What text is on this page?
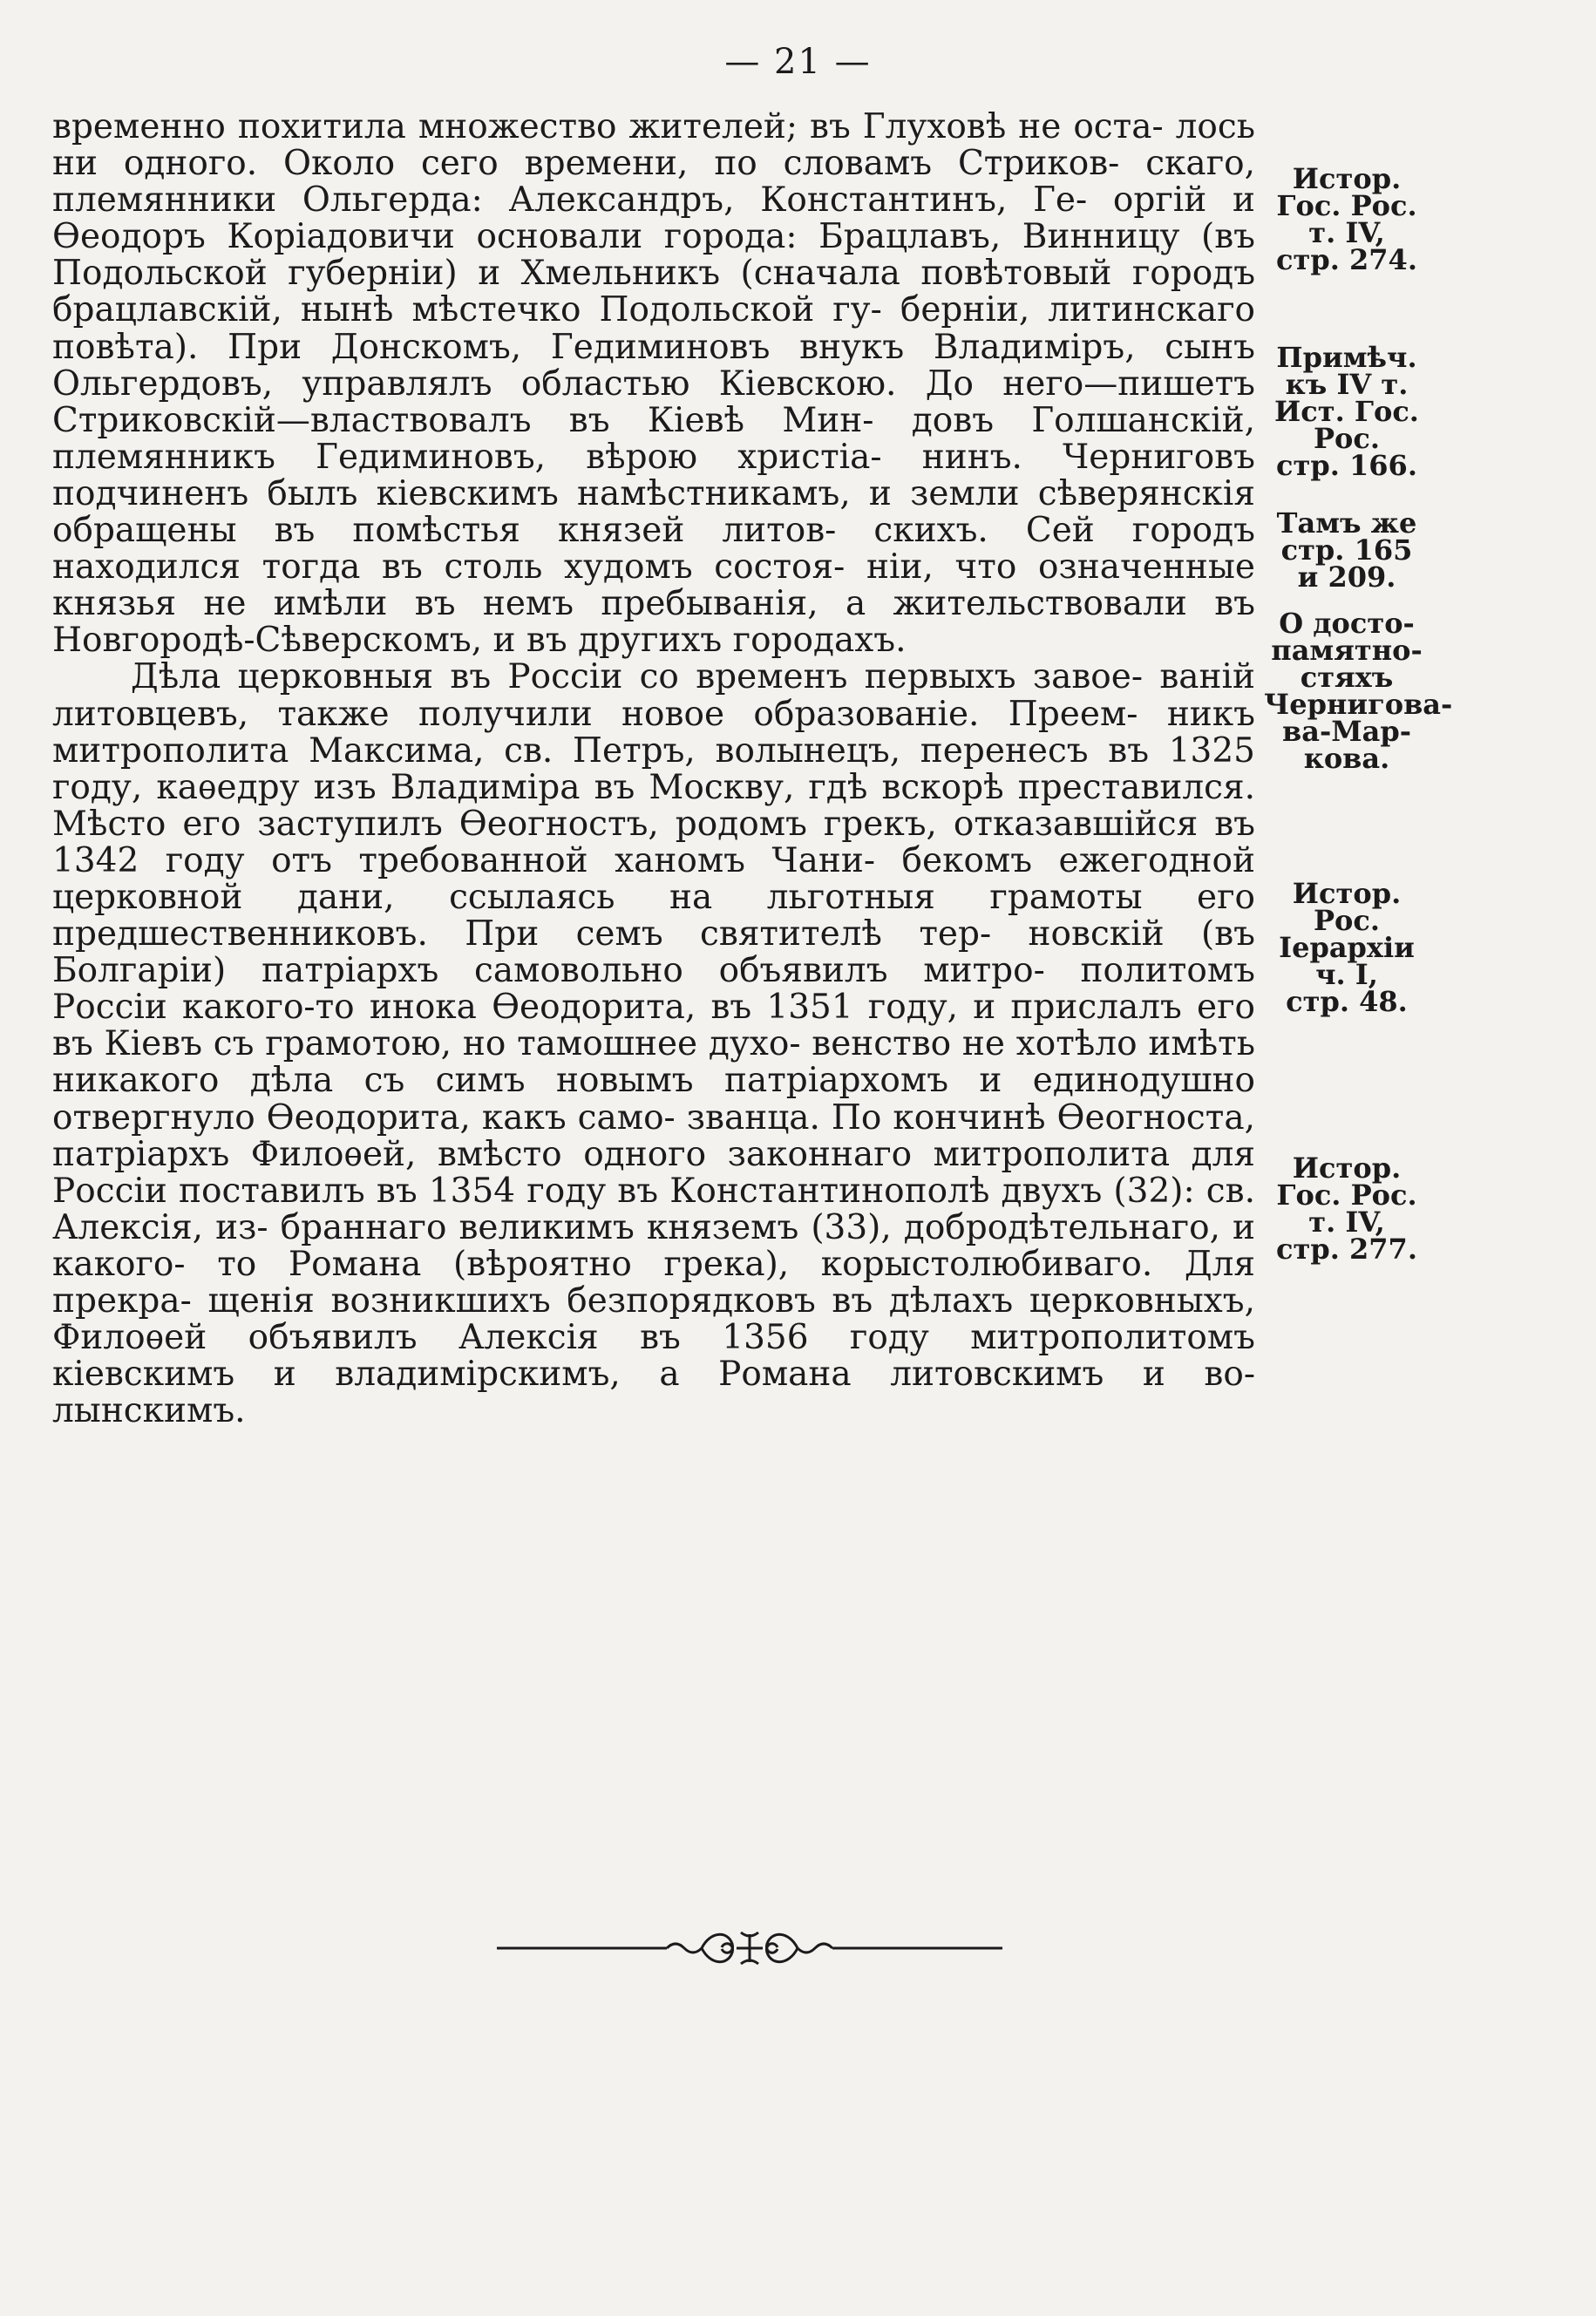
— 21 —

временно похитила множество жителей; въ Глуховѣ не оста- лось ни одного. Около сего времени, по словамъ Стриков- скаго, племянники Ольгерда: Александръ, Константинъ, Ге- оргій и Ѳеодоръ Коріадовичи основали города: Брацлавъ, Винницу (въ Подольской губерніи) и Хмельникъ (сначала повѣтовый городъ брацлавскій, нынѣ мѣстечко Подольской гу- берніи, литинскаго повѣта). При Донскомъ, Гедиминовъ внукъ Владиміръ, сынъ Ольгердовъ, управлялъ областью Кіевскою. До него—пишетъ Стриковскій—властвовалъ въ Кіевѣ Мин- довъ Голшанскій, племянникъ Гедиминовъ, вѣрою христіа- нинъ. Черниговъ подчиненъ былъ кіевскимъ намѣстникамъ, и земли сѣверянскія обращены въ помѣстья князей литов- скихъ. Сей городъ находился тогда въ столь худомъ состоя- ніи, что означенные князья не имѣли въ немъ пребыванія, а жительствовали въ Новгородѣ-Сѣверскомъ, и въ другихъ городахъ.

Дѣла церковныя въ Россіи со временъ первыхъ завое- ваній литовцевъ, также получили новое образованіе. Преем- никъ митрополита Максима, св. Петръ, волынецъ, перенесъ въ 1325 году, каѳедру изъ Владиміра въ Москву, гдѣ вскорѣ преставился. Мѣсто его заступилъ Ѳеогностъ, родомъ грекъ, отказавшійся въ 1342 году отъ требованной ханомъ Чани- бекомъ ежегодной церковной дани, ссылаясь на льготныя грамоты его предшественниковъ. При семъ святителѣ тер- новскій (въ Болгаріи) патріархъ самовольно объявилъ митро- политомъ Россіи какого-то инока Ѳеодорита, въ 1351 году, и прислалъ его въ Кіевъ съ грамотою, но тамошнее духо- венство не хотѣло имѣть никакого дѣла съ симъ новымъ патріархомъ и единодушно отвергнуло Ѳеодорита, какъ само- званца. По кончинѣ Ѳеогноста, патріархъ Филоѳей, вмѣсто одного законнаго митрополита для Россіи поставилъ въ 1354 году въ Константинополѣ двухъ (32): св. Алексія, из- браннаго великимъ княземъ (33), добродѣтельнаго, и какого- то Романа (вѣроятно грека), корыстолюбиваго. Для прекра- щенія возникшихъ безпорядковъ въ дѣлахъ церковныхъ, Филоѳей объявилъ Алексія въ 1356 году митрополитомъ кіевскимъ и владимірскимъ, а Романа литовскимъ и во- лынскимъ.

Истор.
Гос. Рос.
т. IV,
стр. 274.
Примѣч.
къ IV т.
Ист. Гос.
Рос.
стр. 166.
Тамъ же
стр. 165
и 209.
О досто-
памятно-
стяхъ
Чернигова-
ва-Мар-
кова.
Истор.
Рос.
Іерархіи
ч. I,
стр. 48.
Истор.
Гос. Рос.
т. IV,
стр. 277.
